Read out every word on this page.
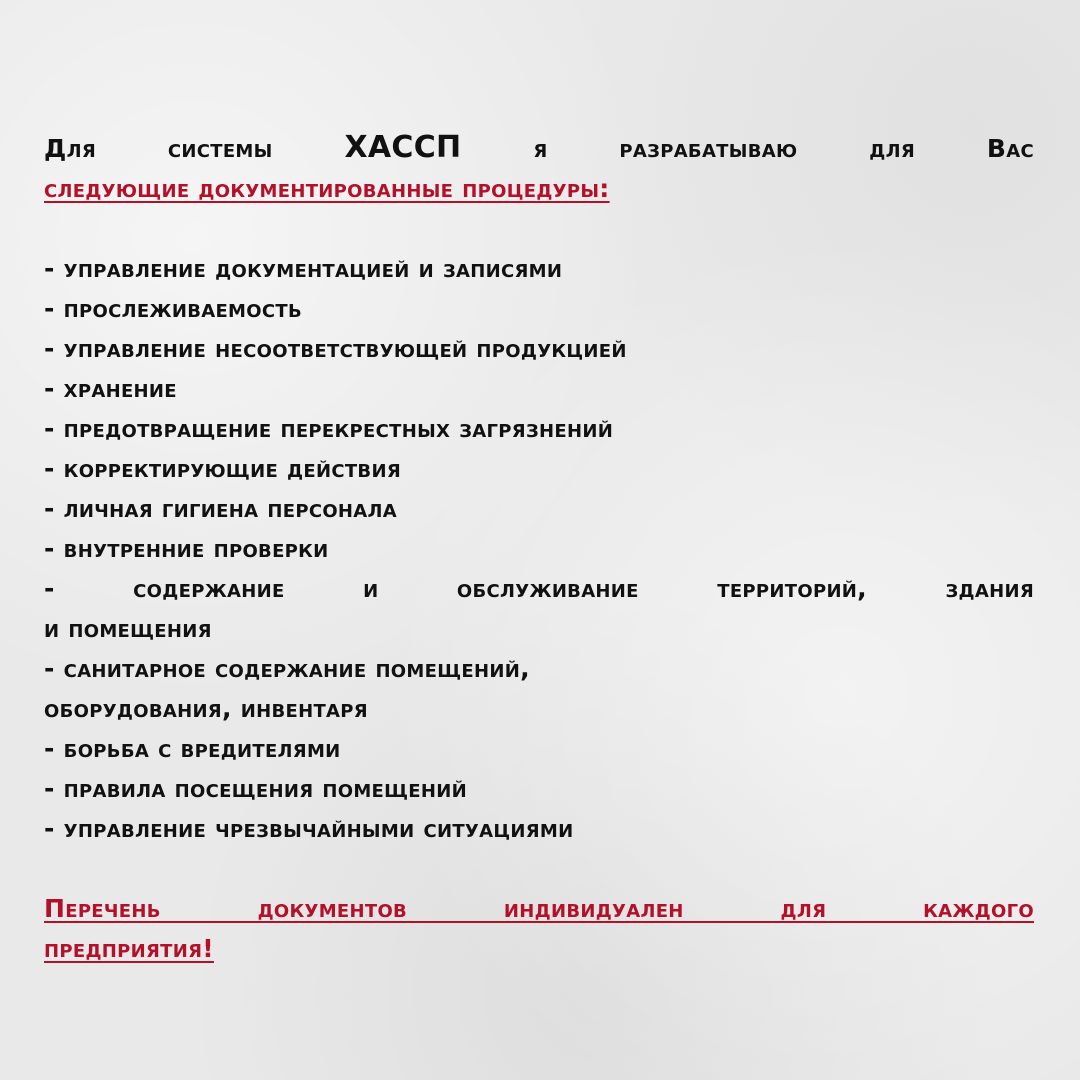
Для системы ХАССП	я разрабатываю для Вас
следующие документированные процедуры:
- управление документацией и записями
- прослеживаемость
- управление несоответствующей продукцией
- хранение
- предотвращение перекрестных загрязнений
- корректирующие действия
- личная гигиена персонала
- внутренние проверки
- содержание и обслуживание территорий, здания
и помещения
- санитарное содержание помещений,
оборудования, инвентаря
- борьба с вредителями
- правила посещения помещений
- управление чрезвычайными ситуациями
Перечень документов индивидуален для каждого
предприятия!
